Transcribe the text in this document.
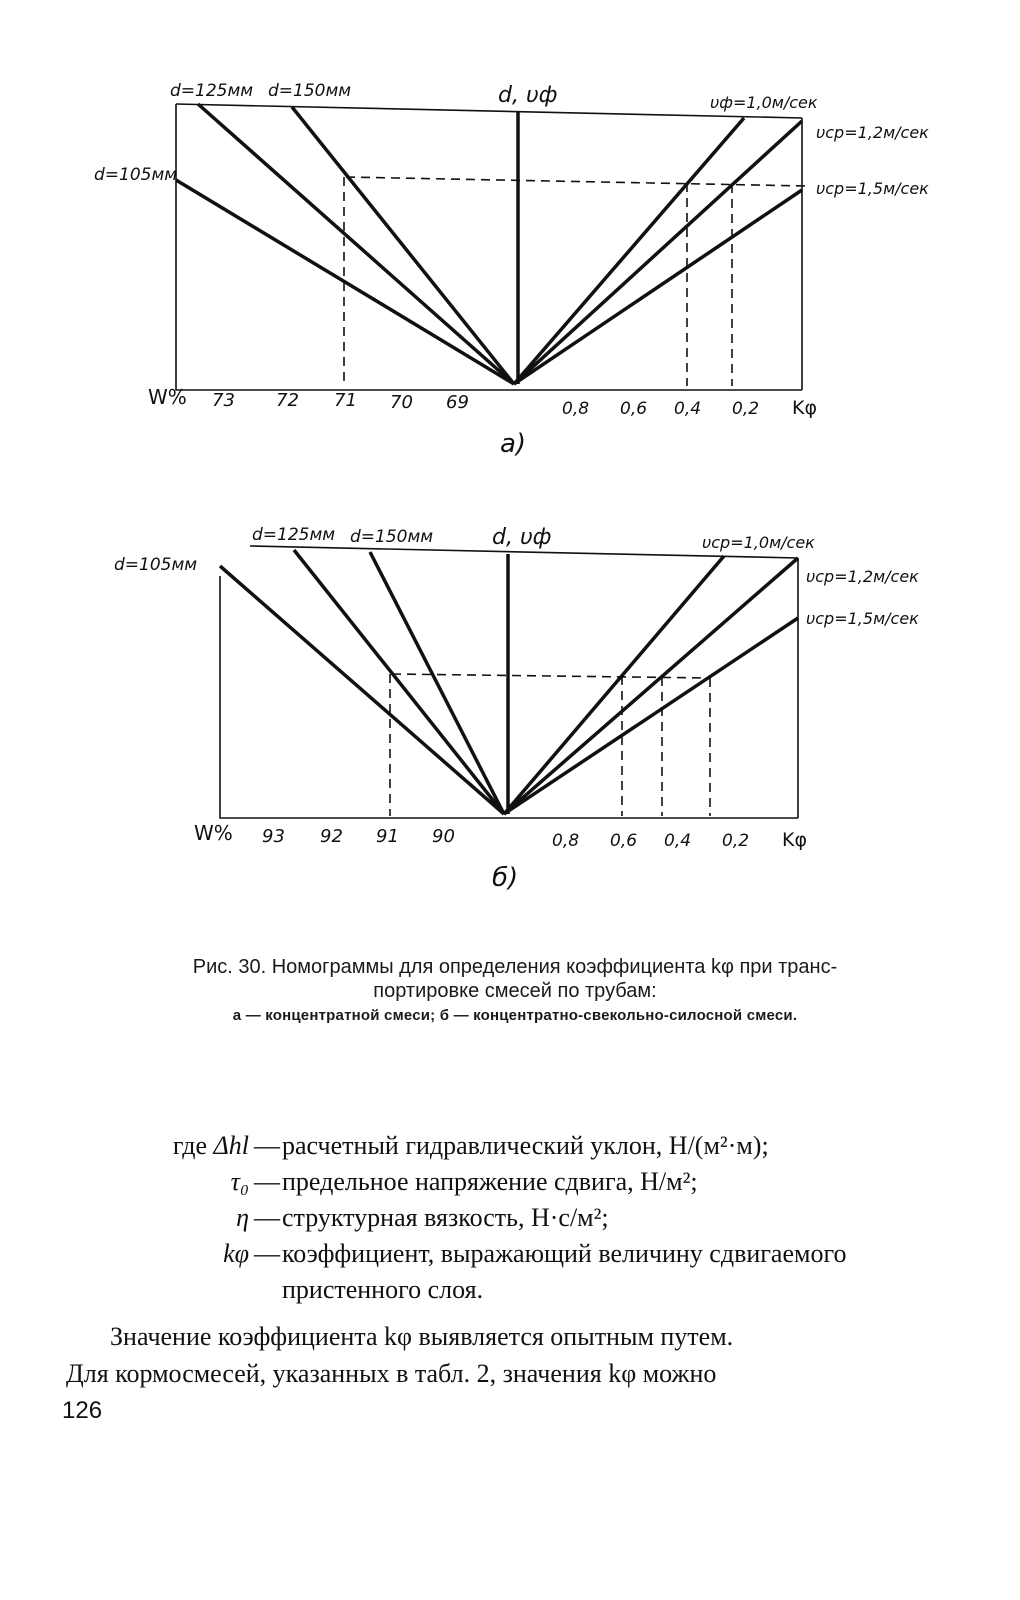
d=125мм d=150мм	d, υф	υф=1,0м/сек
d=105мм
υср=1,2м/сек
υср=1,5м/сек
W% 73 72 71 70 69	0,8 0,6 0,4 0,2 Kφ
a)
d=125мм d=150мм	d, υф	υср=1,0м/сек
d=105мм
υср=1,2м/сек
υср=1,5м/сек
W% 93 92 91 90	0,8 0,6 0,4 0,2 Kφ
б)
Рис. 30. Номограммы для определения коэффициента kφ при транс-
портировке смесей по трубам:
а — концентратной смеси; б — концентратно-свекольно-силосной смеси.
где Δhl — расчетный гидравлический уклон, Н/(м²·м);
τ₀ — предельное напряжение сдвига, Н/м²;
η — структурная вязкость, Н·с/м²;
kφ — коэффициент, выражающий величину сдвигаемого
пристенного слоя.
Значение коэффициента kφ выявляется опытным путем.
Для кормосмесей, указанных в табл. 2, значения kφ можно
126
